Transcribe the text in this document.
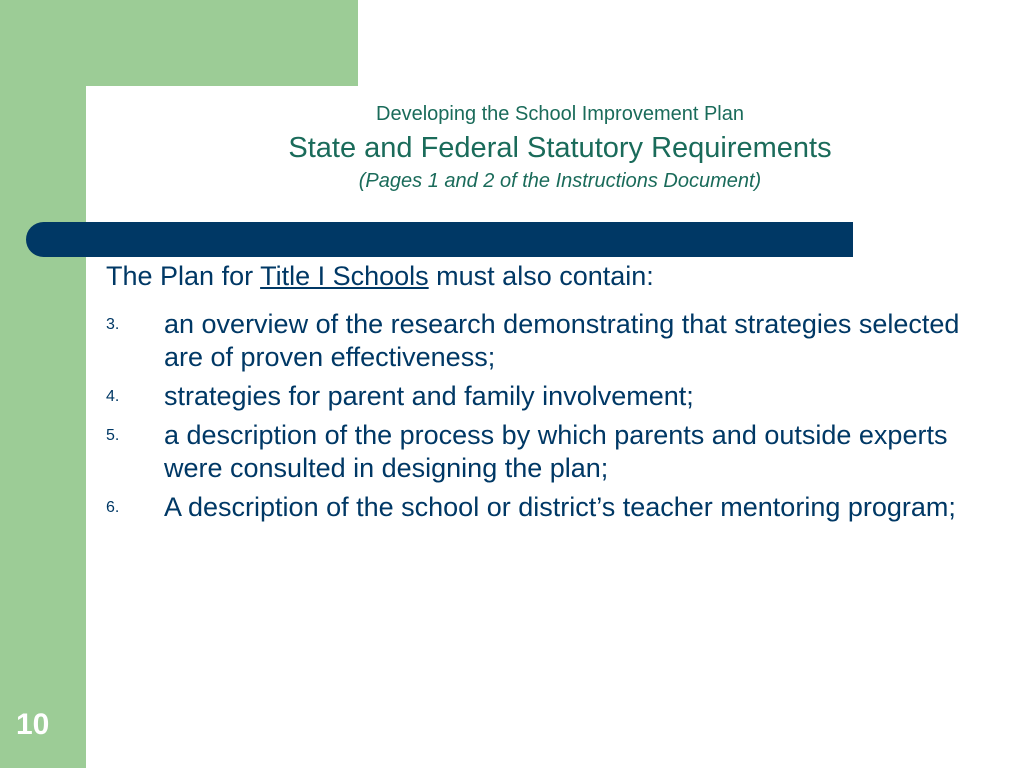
Developing the School Improvement Plan
State and Federal Statutory Requirements
(Pages 1 and 2 of the Instructions Document)

The Plan for Title I Schools must also contain:

3. an overview of the research demonstrating that strategies selected are of proven effectiveness;
4. strategies for parent and family involvement;
5. a description of the process by which parents and outside experts were consulted in designing the plan;
6. A description of the school or district’s teacher mentoring program;
10
